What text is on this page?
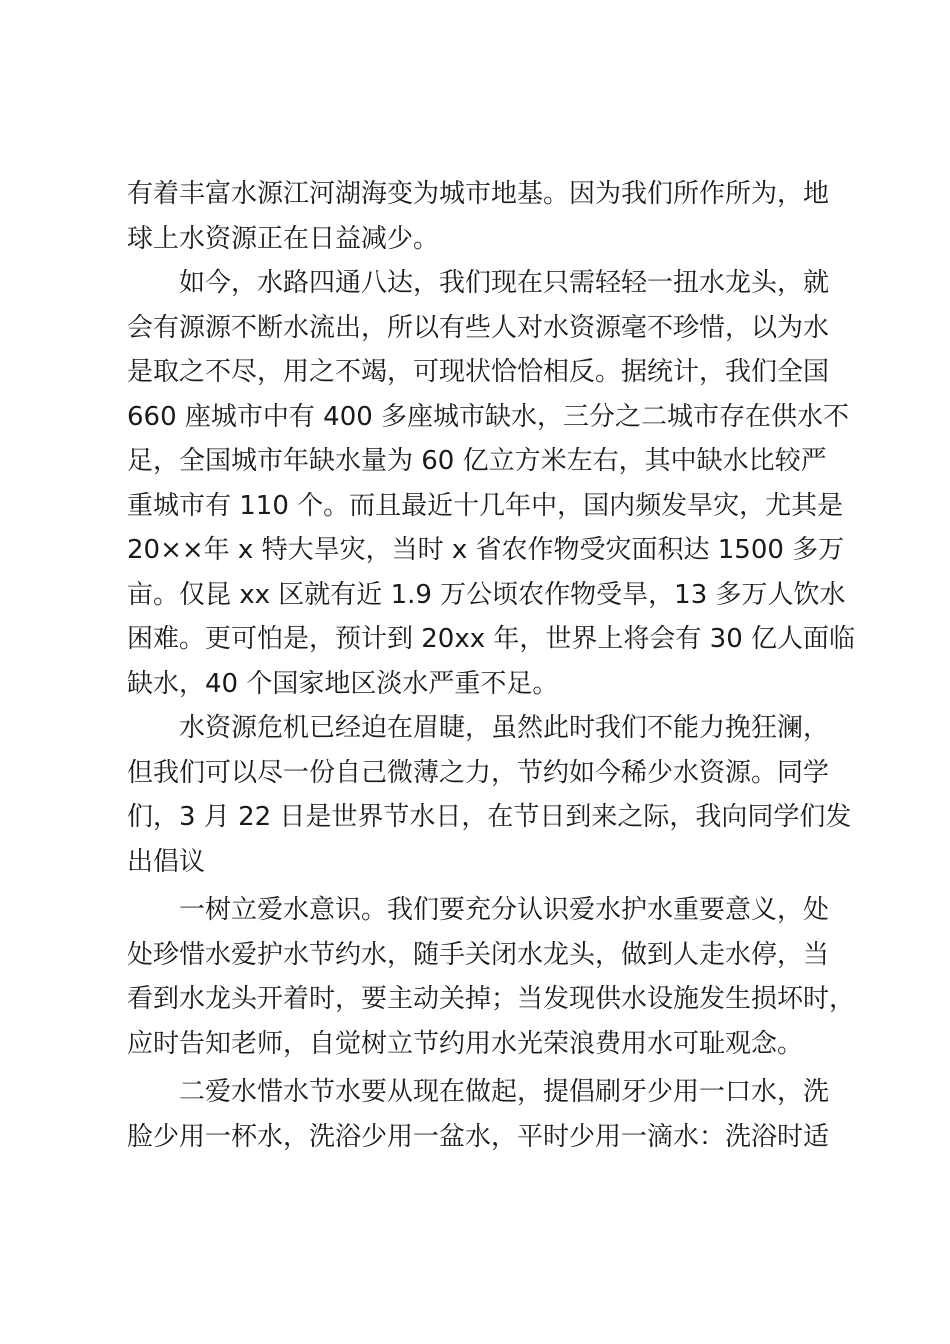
有着丰富水源江河湖海变为城市地基。因为我们所作所为，地
球上水资源正在日益减少。
如今，水路四通八达，我们现在只需轻轻一扭水龙头，就
会有源源不断水流出，所以有些人对水资源毫不珍惜，以为水
是取之不尽，用之不竭，可现状恰恰相反。据统计，我们全国
660 座城市中有 400 多座城市缺水，三分之二城市存在供水不
足，全国城市年缺水量为 60 亿立方米左右，其中缺水比较严
重城市有 110 个。而且最近十几年中，国内频发旱灾，尤其是
20××年 x 特大旱灾，当时 x 省农作物受灾面积达 1500 多万
亩。仅昆 xx 区就有近 1.9 万公顷农作物受旱，13 多万人饮水
困难。更可怕是，预计到 20xx 年，世界上将会有 30 亿人面临
缺水，40 个国家地区淡水严重不足。
水资源危机已经迫在眉睫，虽然此时我们不能力挽狂澜，
但我们可以尽一份自己微薄之力，节约如今稀少水资源。同学
们，3 月 22 日是世界节水日，在节日到来之际，我向同学们发
出倡议
一树立爱水意识。我们要充分认识爱水护水重要意义，处
处珍惜水爱护水节约水，随手关闭水龙头，做到人走水停，当
看到水龙头开着时，要主动关掉；当发现供水设施发生损坏时，
应时告知老师，自觉树立节约用水光荣浪费用水可耻观念。
二爱水惜水节水要从现在做起，提倡刷牙少用一口水，洗
脸少用一杯水，洗浴少用一盆水，平时少用一滴水：洗浴时适
